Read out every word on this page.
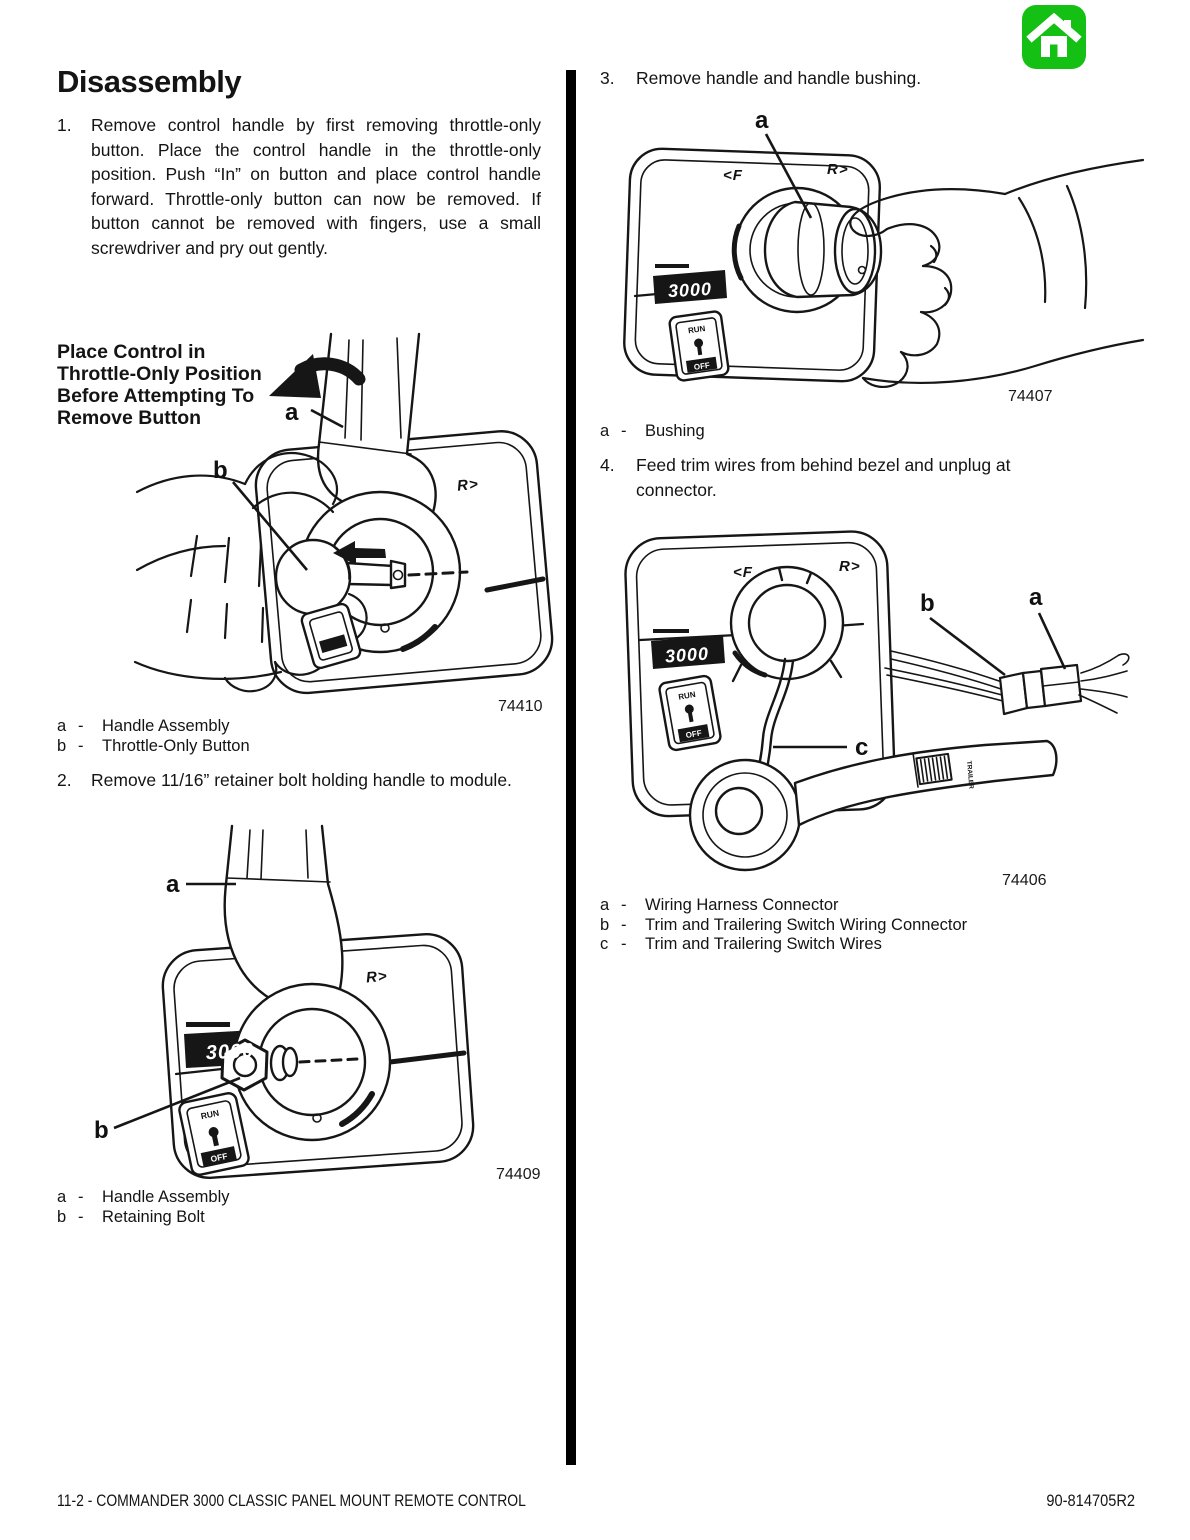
Disassembly
1.	Remove control handle by first removing throttle-only button. Place the control handle in the throttle-only position. Push “In” on button and place control handle forward. Throttle-only button can now be removed. If button cannot be removed with fingers, use a small screwdriver and pry out gently.
Place Control in
Throttle-Only Position
Before Attempting To
Remove Button
R>
a
b
74410
a -	Handle Assembly
b -	Throttle-Only Button
2.	Remove 11/16” retainer bolt holding handle to module.
RUN
OFF
3000
R>
a
b
74409
a -	Handle Assembly
b -	Retaining Bolt
3.	Remove handle and handle bushing.
RUN
OFF
3000
<F	R>
a
74407
a -	Bushing
4.	Feed trim wires from behind bezel and unplug at connector.
RUN
OFF
3000
TRAILER
<F	R>
b	a
c
74406
a -	Wiring Harness Connector
b -	Trim and Trailering Switch Wiring Connector
c -	Trim and Trailering Switch Wires
11-2 - COMMANDER 3000 CLASSIC PANEL MOUNT REMOTE CONTROL	90-814705R2
